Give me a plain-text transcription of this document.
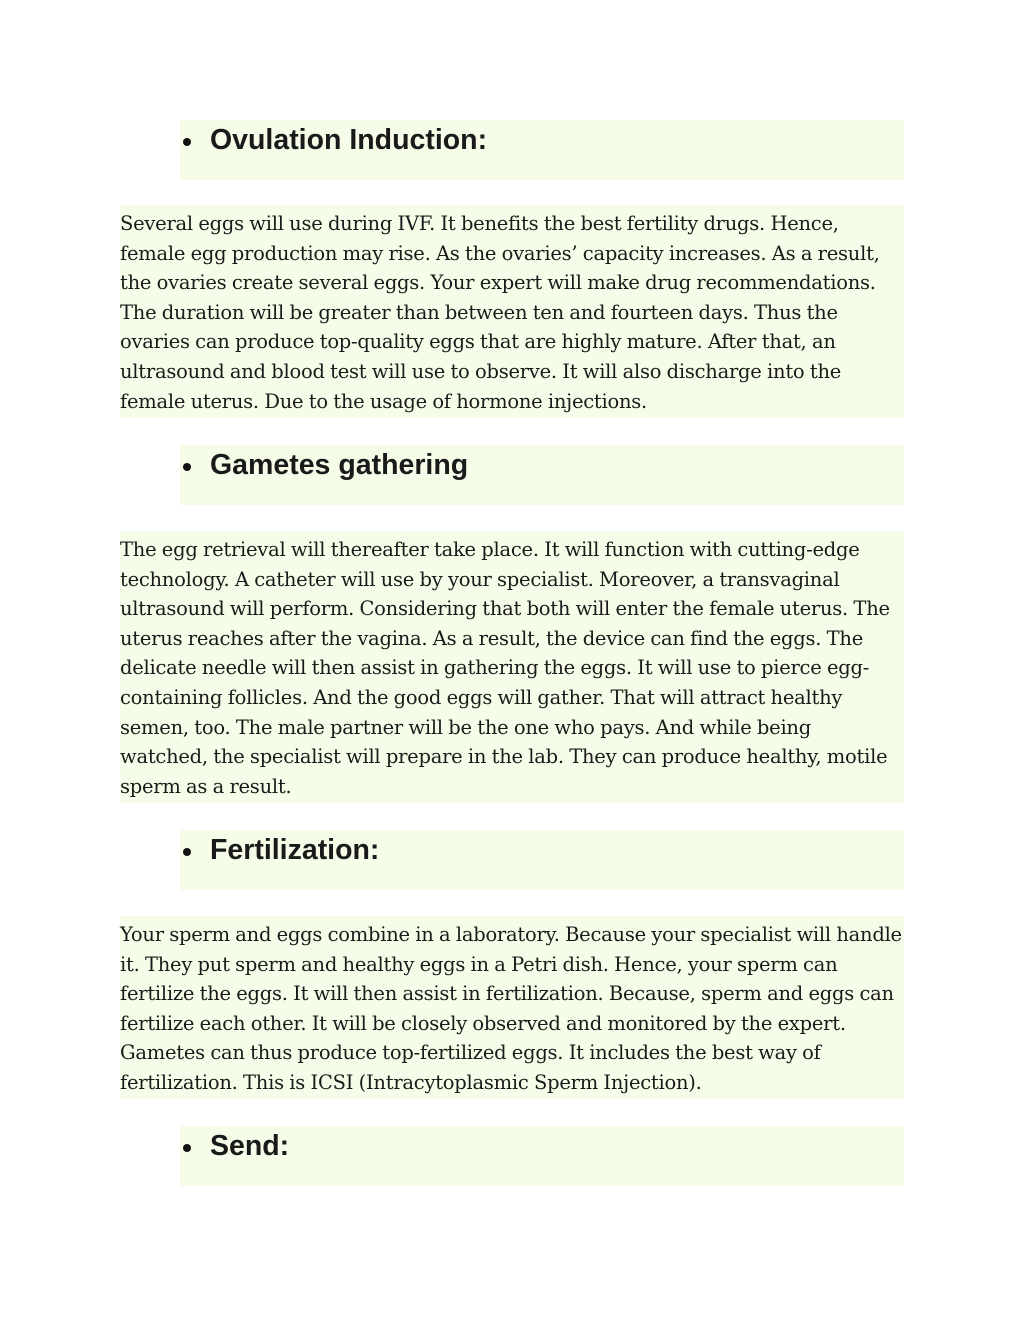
Ovulation Induction:

Several eggs will use during IVF. It benefits the best fertility drugs. Hence, female egg production may rise. As the ovaries’ capacity increases. As a result, the ovaries create several eggs. Your expert will make drug recommendations. The duration will be greater than between ten and fourteen days. Thus the ovaries can produce top-quality eggs that are highly mature. After that, an ultrasound and blood test will use to observe. It will also discharge into the female uterus. Due to the usage of hormone injections.

Gametes gathering

The egg retrieval will thereafter take place. It will function with cutting-edge technology. A catheter will use by your specialist. Moreover, a transvaginal ultrasound will perform. Considering that both will enter the female uterus. The uterus reaches after the vagina. As a result, the device can find the eggs. The delicate needle will then assist in gathering the eggs. It will use to pierce egg-containing follicles. And the good eggs will gather. That will attract healthy semen, too. The male partner will be the one who pays. And while being watched, the specialist will prepare in the lab. They can produce healthy, motile sperm as a result.

Fertilization:

Your sperm and eggs combine in a laboratory. Because your specialist will handle it. They put sperm and healthy eggs in a Petri dish. Hence, your sperm can fertilize the eggs. It will then assist in fertilization. Because, sperm and eggs can fertilize each other. It will be closely observed and monitored by the expert. Gametes can thus produce top-fertilized eggs. It includes the best way of fertilization. This is ICSI (Intracytoplasmic Sperm Injection).

Send:
